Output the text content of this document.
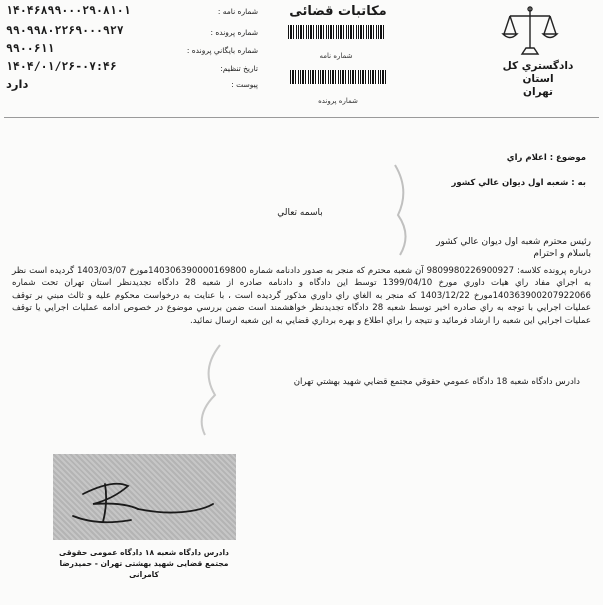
دادگستري کل استان
تهران
مکاتبات قضائی
شماره نامه
شماره پرونده
شماره نامه :
۱۴۰۴۶۸۹۹۰۰۰۲۹۰۸۱۰۱
شماره پرونده :
۹۹۰۹۹۸۰۲۲۶۹۰۰۰۹۲۷
شماره بايگاني پرونده :
۹۹۰۰۶۱۱
تاريخ تنظيم:
۱۴۰۴/۰۱/۲۶-۰۷:۴۶
پيوست :
دارد
موضوع : اعلام راي
به : شعبه اول ديوان عالي کشور
باسمه تعالي
رئيس محترم شعبه اول ديوان عالي کشور
باسلام و احترام
درباره پرونده کلاسه: 9809980226900927 آن شعبه محترم که منجر به صدور دادنامه شماره 140306390000169800مورخ 1403/03/07 گرديده است نظر به اجراي مفاد راي هيات داوري مورخ 1399/04/10 توسط اين دادگاه و دادنامه صادره از شعبه 28 دادگاه تجديدنظر استان تهران تحت شماره 140363900207922066مورخ 1403/12/22 که منجر به الغاي راي داوري مذکور گرديده است ، با عنايت به درخواست محکوم عليه و ثالث مبني بر توقف عمليات اجرايي با توجه به راي صادره اخير توسط شعبه 28 دادگاه تجديدنظر خواهشمند است ضمن بررسي موضوع در خصوص ادامه عمليات اجرايي يا توقف عمليات اجرايي اين شعبه را ارشاد فرمائيد و نتيجه را براي اطلاع و بهره برداري قضايي به اين شعبه ارسال نمائيد.
دادرس دادگاه شعبه 18 دادگاه عمومي حقوقي مجتمع قضايي شهيد بهشتي تهران
دادرس دادگاه شعبه ۱۸ دادگاه عمومی حقوقی
مجتمع قضایی شهید بهشتی تهران - حمیدرضا
کامرانی
